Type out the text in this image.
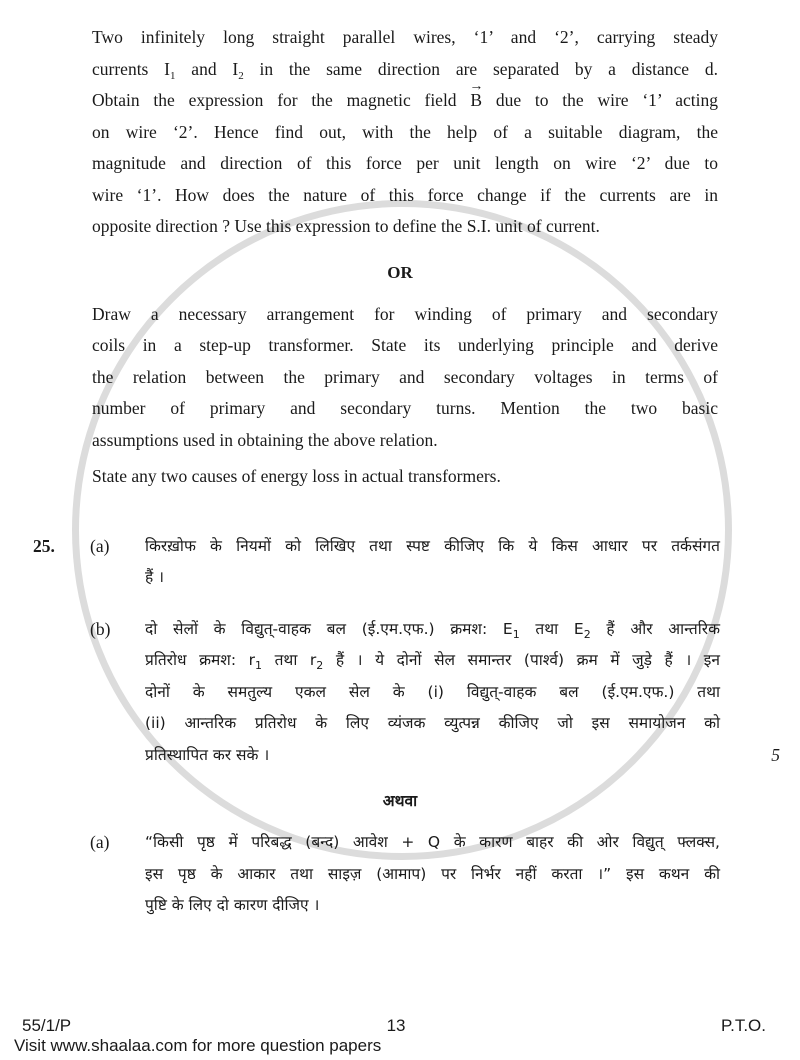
Two infinitely long straight parallel wires, ‘1’ and ‘2’, carrying steady
currents $I_1$ and $I_2$ in the same direction are separated by a distance d.
Obtain the expression for the magnetic field → B due to the wire ‘1’ acting
on wire ‘2’. Hence find out, with the help of a suitable diagram, the
magnitude and direction of this force per unit length on wire ‘2’ due to
wire ‘1’. How does the nature of this force change if the currents are in
opposite direction ? Use this expression to define the S.I. unit of current.
OR
Draw a necessary arrangement for winding of primary and secondary
coils in a step-up transformer. State its underlying principle and derive
the relation between the primary and secondary voltages in terms of
number of primary and secondary turns. Mention the two basic
assumptions used in obtaining the above relation.
State any two causes of energy loss in actual transformers.
25.	(a)	किरख़ोफ के नियमों को लिखिए तथा स्पष्ट कीजिए कि ये किस आधार पर तर्कसंगत
हैं ।
(b)	दो सेलों के विद्युत्-वाहक बल (ई.एम.एफ.) क्रमश: $E_1$ तथा $E_2$ हैं और आन्तरिक
प्रतिरोध क्रमश: $r_1$ तथा $r_2$ हैं । ये दोनों सेल समान्तर (पार्श्व) क्रम में जुड़े हैं । इन
दोनों के समतुल्य एकल सेल के (i) विद्युत्-वाहक बल (ई.एम.एफ.) तथा
(ii) आन्तरिक प्रतिरोध के लिए व्यंजक व्युत्पन्न कीजिए जो इस समायोजन को
प्रतिस्थापित कर सके ।	5
अथवा
(a)	“किसी पृष्ठ में परिबद्ध (बन्द) आवेश + Q के कारण बाहर की ओर विद्युत् फ्लक्स,
इस पृष्ठ के आकार तथा साइज़ (आमाप) पर निर्भर नहीं करता ।” इस कथन की
पुष्टि के लिए दो कारण दीजिए ।
55/1/P	13	P.T.O.
Visit www.shaalaa.com for more question papers
